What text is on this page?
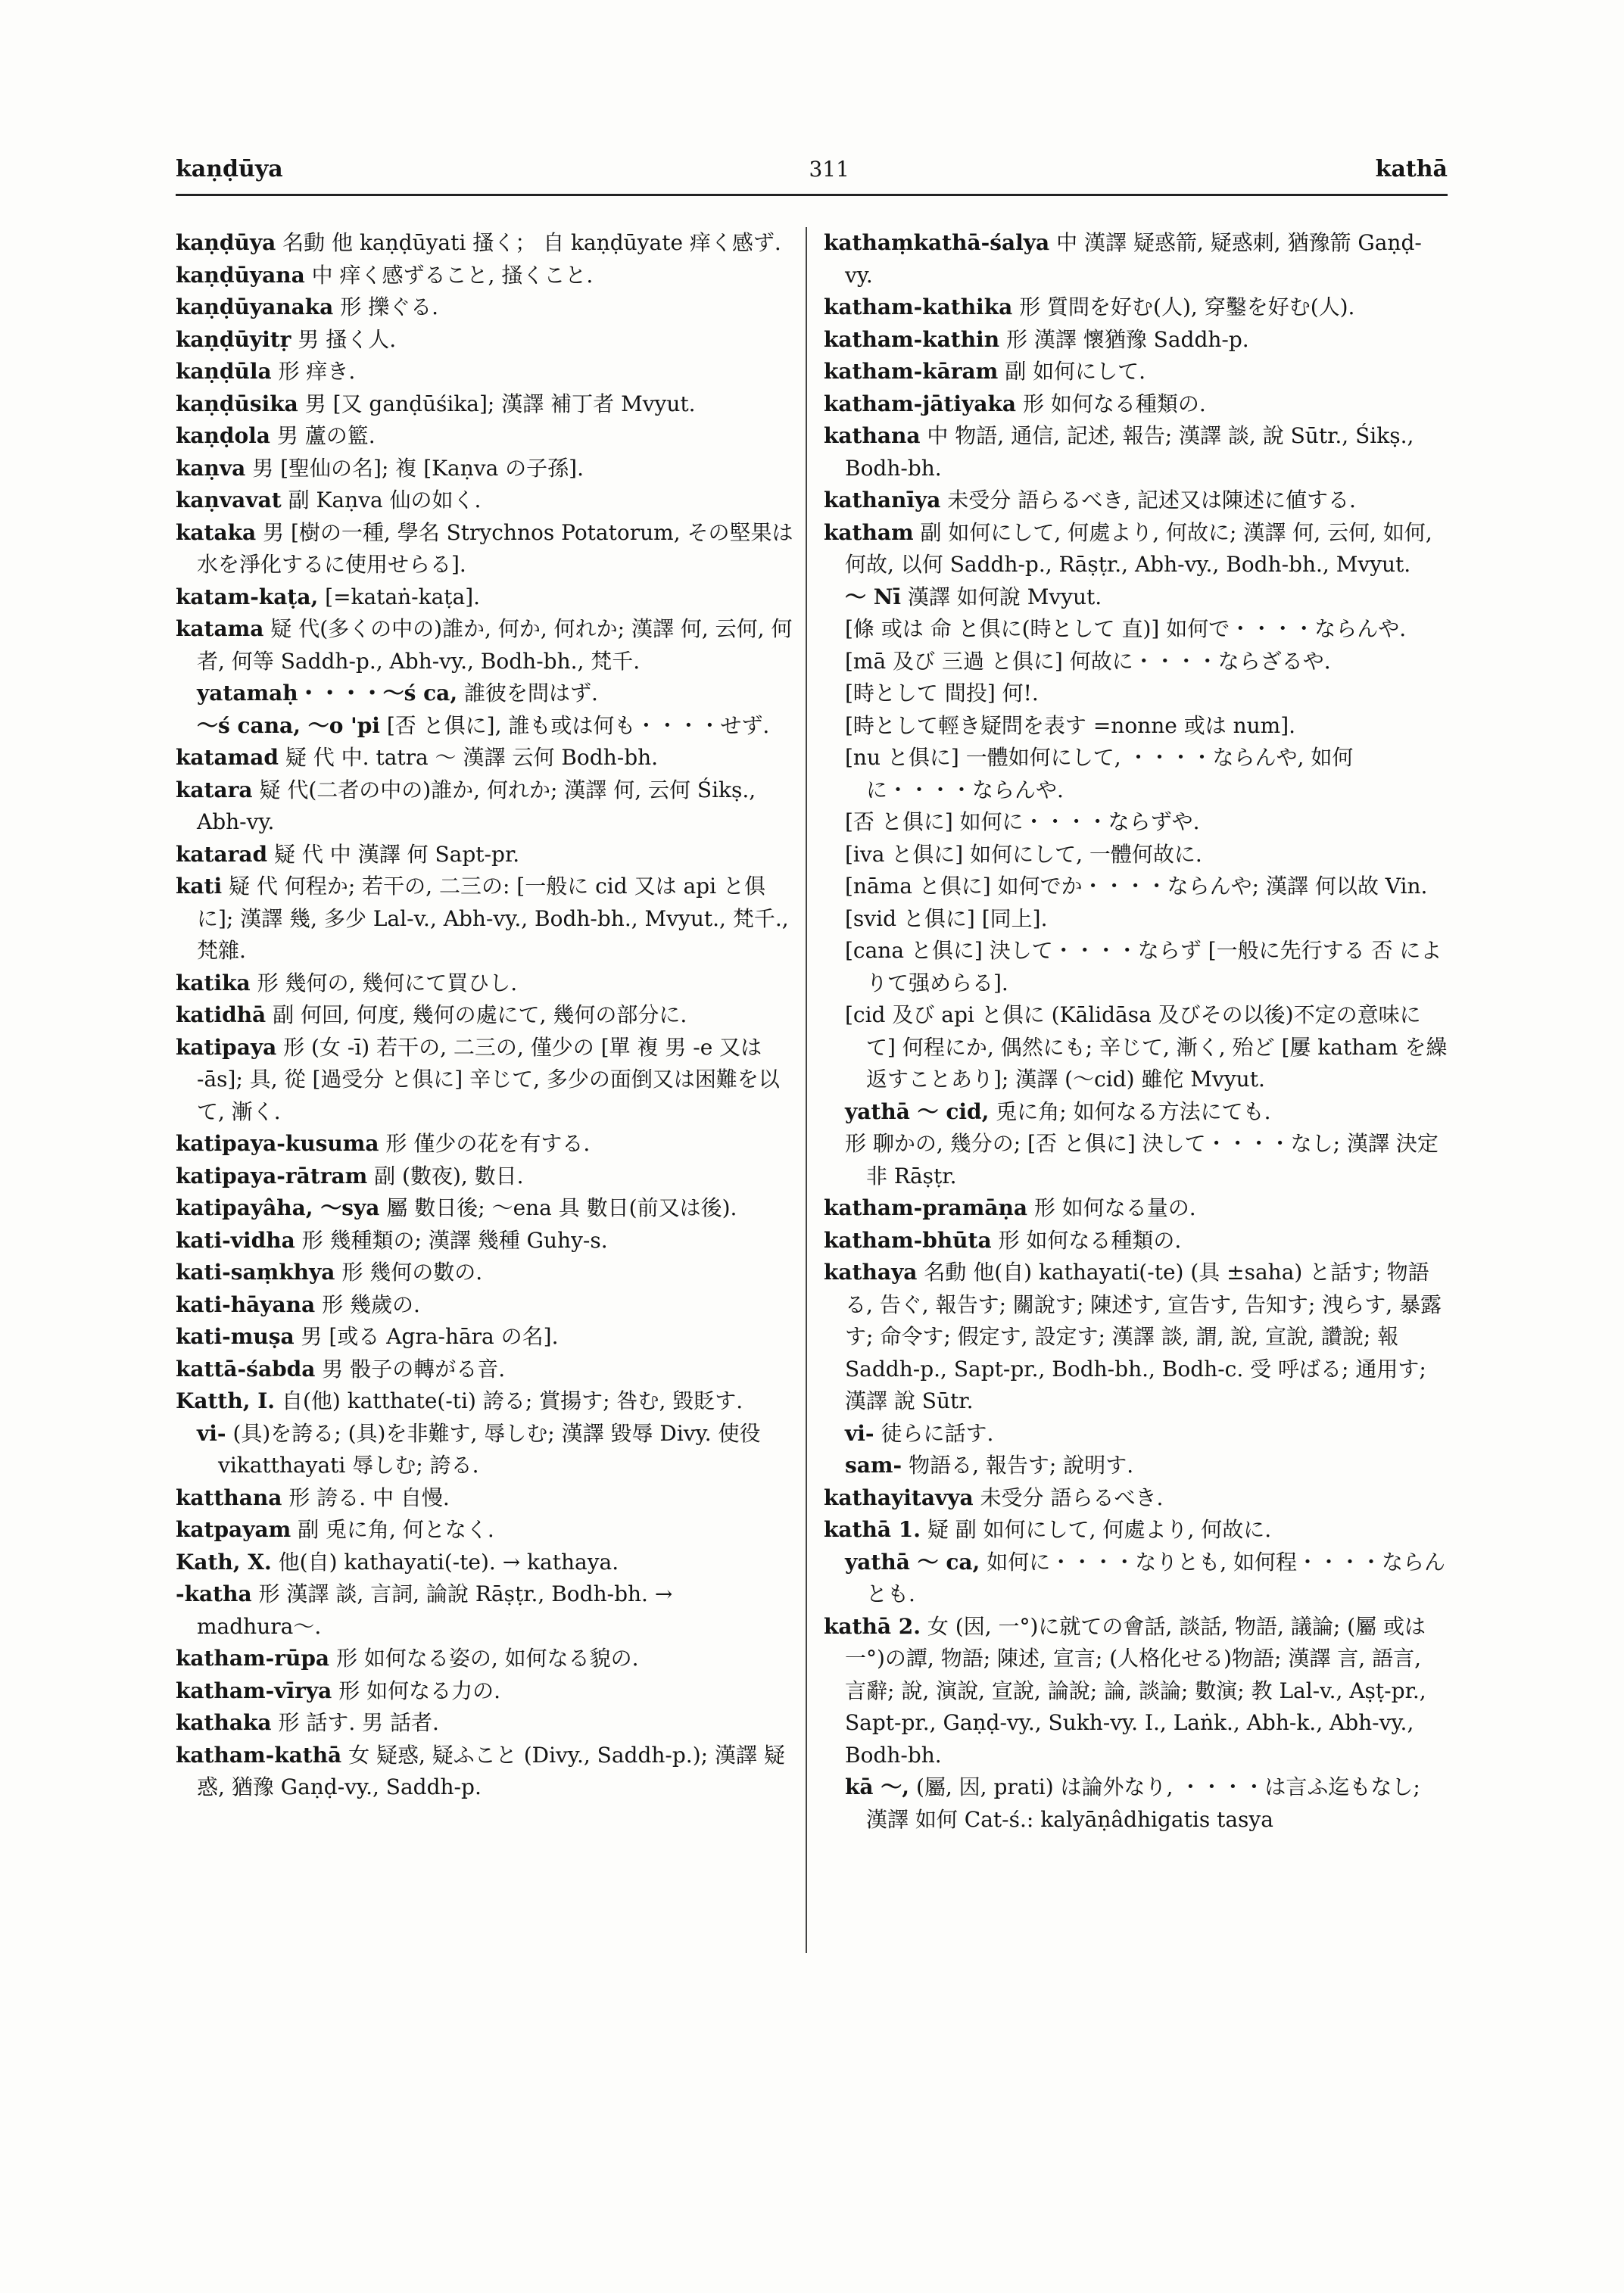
kaṇḍūya	311	kathā

kaṇḍūya 名動 他 kaṇḍūyati 搔く； 自 kaṇḍūyate 痒く感ず.

kaṇḍūyana 中 痒く感ずること, 搔くこと.

kaṇḍūyanaka 形 擽ぐる.

kaṇḍūyitṛ 男 搔く人.

kaṇḍūla 形 痒き.

kaṇḍūsika 男 [又 ganḍūśika]; 漢譯 補丁者 Mvyut.

kaṇḍola 男 蘆の籃.

kaṇva 男 [聖仙の名]; 複 [Kaṇva の子孫].

kaṇvavat 副 Kaṇva 仙の如く.

kataka 男 [樹の一種, 學名 Strychnos Potatorum, その堅果は水を淨化するに使用せらる].

katam-kaṭa, [=kataṅ-kaṭa].

katama 疑 代(多くの中の)誰か, 何か, 何れか; 漢譯 何, 云何, 何者, 何等 Saddh-p., Abh-vy., Bodh-bh., 梵千.

yatamaḥ・・・・〜ś ca, 誰彼を問はず.

〜ś cana, 〜o 'pi [否 と俱に], 誰も或は何も・・・・せず.

katamad 疑 代 中. tatra 〜 漢譯 云何 Bodh-bh.

katara 疑 代(二者の中の)誰か, 何れか; 漢譯 何, 云何 Śikṣ., Abh-vy.

katarad 疑 代 中 漢譯 何 Sapt-pr.

kati 疑 代 何程か; 若干の, 二三の: [一般に cid 又は api と俱に]; 漢譯 幾, 多少 Lal-v., Abh-vy., Bodh-bh., Mvyut., 梵千., 梵雜.

katika 形 幾何の, 幾何にて買ひし.

katidhā 副 何回, 何度, 幾何の處にて, 幾何の部分に.

katipaya 形 (女 -ī) 若干の, 二三の, 僅少の [單 複 男 -e 又は -ās]; 具, 從 [過受分 と俱に] 辛じて, 多少の面倒又は困難を以て, 漸く.

katipaya-kusuma 形 僅少の花を有する.

katipaya-rātram 副 (數夜), 數日.

katipayâha, 〜sya 屬 數日後; 〜ena 具 數日(前又は後).

kati-vidha 形 幾種類の; 漢譯 幾種 Guhy-s.

kati-saṃkhya 形 幾何の數の.

kati-hāyana 形 幾歲の.

kati-muṣa 男 [或る Agra-hāra の名].

kattā-śabda 男 骰子の轉がる音.

Katth, I. 自(他) katthate(-ti) 誇る; 賞揚す; 咎む, 毀貶す.

vi- (具)を誇る; (具)を非難す, 辱しむ; 漢譯 毀辱 Divy. 使役 vikatthayati 辱しむ; 誇る.

katthana 形 誇る. 中 自慢.

katpayam 副 兎に角, 何となく.

Kath, X. 他(自) kathayati(-te). → kathaya.

-katha 形 漢譯 談, 言詞, 論說 Rāṣṭr., Bodh-bh. → madhura〜.

katham-rūpa 形 如何なる姿の, 如何なる貌の.

katham-vīrya 形 如何なる力の.

kathaka 形 話す. 男 話者.

katham-kathā 女 疑惑, 疑ふこと (Divy., Saddh-p.); 漢譯 疑惑, 猶豫 Gaṇḍ-vy., Saddh-p.

kathaṃkathā-śalya 中 漢譯 疑惑箭, 疑惑刺, 猶豫箭 Gaṇḍ-vy.

katham-kathika 形 質問を好む(人), 穿鑿を好む(人).

katham-kathin 形 漢譯 懷猶豫 Saddh-p.

katham-kāram 副 如何にして.

katham-jātiyaka 形 如何なる種類の.

kathana 中 物語, 通信, 記述, 報告; 漢譯 談, 說 Sūtr., Śikṣ., Bodh-bh.

kathanīya 未受分 語らるべき, 記述又は陳述に値する.

katham 副 如何にして, 何處より, 何故に; 漢譯 何, 云何, 如何, 何故, 以何 Saddh-p., Rāṣṭr., Abh-vy., Bodh-bh., Mvyut.

〜 Nī 漢譯 如何說 Mvyut.

[條 或は 命 と俱に(時として 直)] 如何で・・・・ならんや.

[mā 及び 三過 と俱に] 何故に・・・・ならざるや.

[時として 間投] 何!.

[時として輕き疑問を表す =nonne 或は num].

[nu と俱に] 一體如何にして, ・・・・ならんや, 如何に・・・・ならんや.

[否 と俱に] 如何に・・・・ならずや.

[iva と俱に] 如何にして, 一體何故に.

[nāma と俱に] 如何でか・・・・ならんや; 漢譯 何以故 Vin.

[svid と俱に] [同上].

[cana と俱に] 決して・・・・ならず [一般に先行する 否 によりて强めらる].

[cid 及び api と俱に (Kālidāsa 及びその以後)不定の意味にて] 何程にか, 偶然にも; 辛じて, 漸く, 殆ど [屢 katham を繰返すことあり]; 漢譯 (〜cid) 雖佗 Mvyut.

yathā 〜 cid, 兎に角; 如何なる方法にても.

形 聊かの, 幾分の; [否 と俱に] 決して・・・・なし; 漢譯 決定非 Rāṣṭr.

katham-pramāṇa 形 如何なる量の.

katham-bhūta 形 如何なる種類の.

kathaya 名動 他(自) kathayati(-te) (具 ±saha) と話す; 物語る, 告ぐ, 報告す; 關說す; 陳述す, 宣告す, 告知す; 洩らす, 暴露す; 命令す; 假定す, 設定す; 漢譯 談, 謂, 說, 宣說, 讚說; 報 Saddh-p., Sapt-pr., Bodh-bh., Bodh-c. 受 呼ばる; 通用す; 漢譯 說 Sūtr.

vi- 徒らに話す.

sam- 物語る, 報告す; 說明す.

kathayitavya 未受分 語らるべき.

kathā 1. 疑 副 如何にして, 何處より, 何故に.

yathā 〜 ca, 如何に・・・・なりとも, 如何程・・・・ならんとも.

kathā 2. 女 (因, 一°)に就ての會話, 談話, 物語, 議論; (屬 或は 一°)の譚, 物語; 陳述, 宣言; (人格化せる)物語; 漢譯 言, 語言, 言辭; 說, 演說, 宣說, 論說; 論, 談論; 數演; 教 Lal-v., Aṣṭ-pr., Sapt-pr., Gaṇḍ-vy., Sukh-vy. I., Laṅk., Abh-k., Abh-vy., Bodh-bh.

kā 〜, (屬, 因, prati) は論外なり, ・・・・は言ふ迄もなし; 漢譯 如何 Cat-ś.: kalyāṇâdhigatis tasya
